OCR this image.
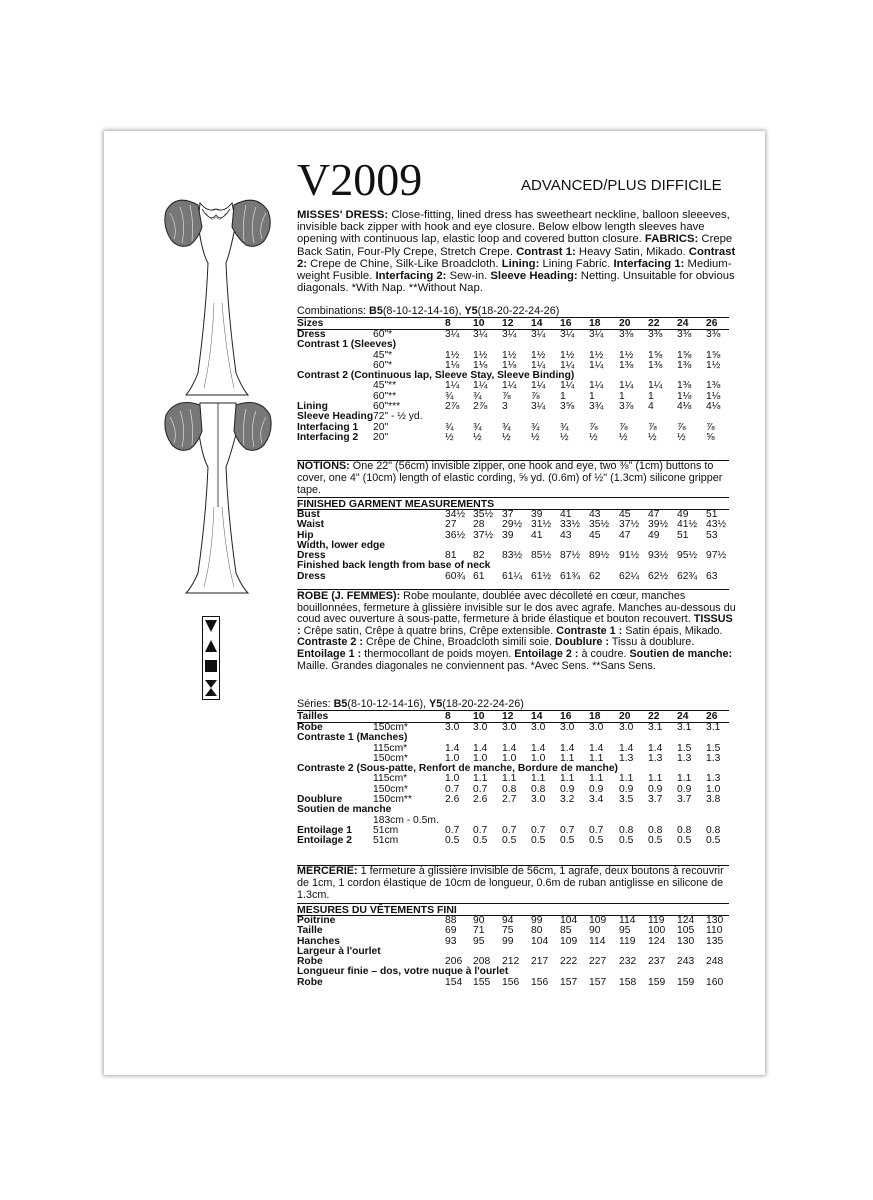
V2009	ADVANCED/PLUS DIFFICILE
MISSES' DRESS: Close-fitting, lined dress has sweetheart neckline, balloon sleeeves, invisible back zipper with hook and eye closure. Below elbow length sleeves have opening with continuous lap, elastic loop and covered button closure. FABRICS: Crepe Back Satin, Four-Ply Crepe, Stretch Crepe. Contrast 1: Heavy Satin, Mikado. Contrast 2: Crepe de Chine, Silk-Like Broadcloth. Lining: Lining Fabric. Interfacing 1: Medium-weight Fusible. Interfacing 2: Sew-in. Sleeve Heading: Netting. Unsuitable for obvious diagonals. *With Nap. **Without Nap.
Combinations: B5(8-10-12-14-16), Y5(18-20-22-24-26)
Sizes	8 10 12 14 16 18 20 22 24 26
Dress	60"*	3¼ 3¼ 3¼ 3¼ 3¼ 3¼ 3⅜ 3⅜ 3⅜ 3⅜
Contrast 1 (Sleeves)
45"*	1½ 1½ 1½ 1½ 1½ 1½ 1½ 1⅝ 1⅝ 1⅝
60"*	1⅛ 1⅛ 1⅛ 1¼ 1¼ 1¼ 1⅜ 1⅜ 1⅜ 1½
Contrast 2 (Continuous lap, Sleeve Stay, Sleeve Binding)
45"**	1¼ 1¼ 1¼ 1¼ 1¼ 1¼ 1¼ 1¼ 1⅜ 1⅜
60"**	¾ ¾ ⅞ ⅞ 1 1 1 1 1⅛ 1⅛
Lining	60"***	2⅞ 2⅞ 3 3¼ 3⅝ 3¾ 3⅞ 4 4⅛ 4⅛
Sleeve Heading 72" - ½ yd.
Interfacing 1 20"	¾ ¾ ¾ ¾ ¾ ⅞ ⅞ ⅞ ⅞ ⅞
Interfacing 2 20"	½ ½ ½ ½ ½ ½ ½ ½ ½ ⅝
NOTIONS: One 22" (56cm) invisible zipper, one hook and eye, two ⅜" (1cm) buttons to cover, one 4" (10cm) length of elastic cording, ⅝ yd. (0.6m) of ½" (1.3cm) silicone gripper tape.
FINISHED GARMENT MEASUREMENTS
Bust	34½ 35½ 37 39 41 43 45 47 49 51
Waist	27 28 29½ 31½ 33½ 35½ 37½ 39½ 41½ 43½
Hip	36½ 37½ 39 41 43 45 47 49 51 53
Width, lower edge
Dress	81 82 83½ 85½ 87½ 89½ 91½ 93½ 95½ 97½
Finished back length from base of neck
Dress	60¾ 61 61¼ 61½ 61¾ 62 62¼ 62½ 62¾ 63
ROBE (J. FEMMES): Robe moulante, doublée avec décolleté en cœur, manches bouillonnées, fermeture à glissière invisible sur le dos avec agrafe. Manches au-dessous du coud avec ouverture à sous-patte, fermeture à bride élastique et bouton recouvert. TISSUS : Crêpe satin, Crêpe à quatre brins, Crêpe extensible. Contraste 1 : Satin épais, Mikado. Contraste 2 : Crêpe de Chine, Broadcloth simili soie. Doublure : Tissu à doublure. Entoilage 1 : thermocollant de poids moyen. Entoilage 2 : à coudre. Soutien de manche: Maille. Grandes diagonales ne conviennent pas. *Avec Sens. **Sans Sens.
Séries: B5(8-10-12-14-16), Y5(18-20-22-24-26)
Tailles	8 10 12 14 16 18 20 22 24 26
Robe	150cm*	3.0 3.0 3.0 3.0 3.0 3.0 3.0 3.1 3.1 3.1
Contraste 1 (Manches)
115cm*	1.4 1.4 1.4 1.4 1.4 1.4 1.4 1.4 1.5 1.5
150cm*	1.0 1.0 1.0 1.0 1.1 1.1 1.3 1.3 1.3 1.3
Contraste 2 (Sous-patte, Renfort de manche, Bordure de manche)
115cm*	1.0 1.1 1.1 1.1 1.1 1.1 1.1 1.1 1.1 1.3
150cm*	0.7 0.7 0.8 0.8 0.9 0.9 0.9 0.9 0.9 1.0
Doublure	150cm**	2.6 2.6 2.7 3.0 3.2 3.4 3.5 3.7 3.7 3.8
Soutien de manche
183cm - 0.5m.
Entoilage 1 51cm	0.7 0.7 0.7 0.7 0.7 0.7 0.8 0.8 0.8 0.8
Entoilage 2 51cm	0.5 0.5 0.5 0.5 0.5 0.5 0.5 0.5 0.5 0.5
MERCERIE: 1 fermeture à glissière invisible de 56cm, 1 agrafe, deux boutons à recouvrir de 1cm, 1 cordon élastique de 10cm de longueur, 0.6m de ruban antiglisse en silicone de 1.3cm.
MESURES DU VÊTEMENTS FINI
Poitrine	88 90 94 99 104 109 114 119 124 130
Taille	69 71 75 80 85 90 95 100 105 110
Hanches	93 95 99 104 109 114 119 124 130 135
Largeur à l'ourlet
Robe	206 208 212 217 222 227 232 237 243 248
Longueur finie – dos, votre nuque à l'ourlet
Robe	154 155 156 156 157 157 158 159 159 160
